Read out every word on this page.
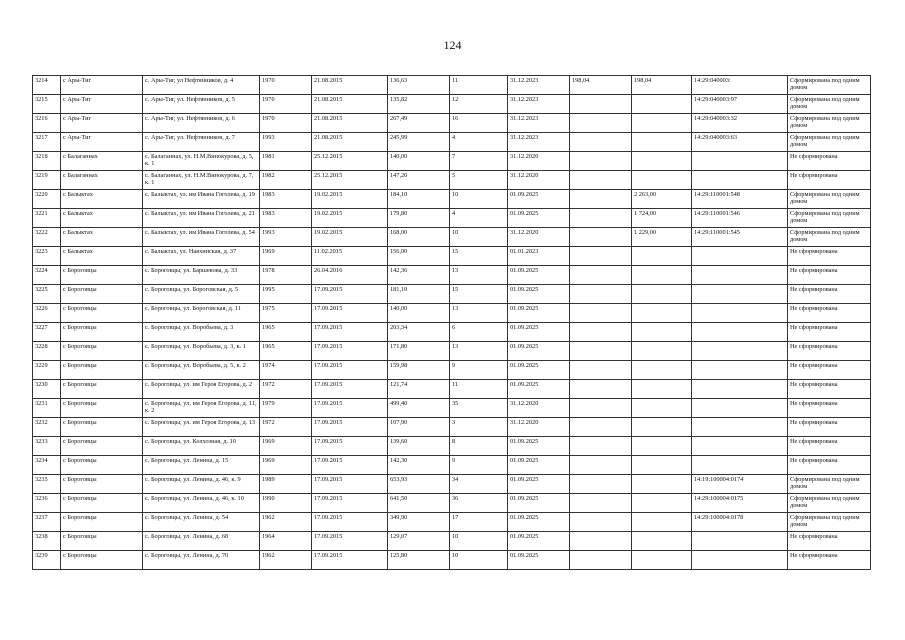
124
3214	с Ары-Тиг	с. Ары-Тиг, ул Нефтянников, д. 4	1970	21.08.2015	136,63	11	31.12.2023	198,04	198,04	14:29:040003:	Сформирована под одним домом
3215	с Ары-Тиг	с. Ары-Тиг, ул. Нефтянников, д. 5	1970	21.08.2015	135,82	12	31.12.2023			14:29:040003:97	Сформирована под одним домом
3216	с Ары-Тиг	с. Ары-Тиг, ул. Нефтянников, д. 6	1970	21.08.2015	267,49	16	31.12.2023			14:29:040003:32	Сформирована под одним домом
3217	с Ары-Тиг	с. Ары-Тиг, ул. Нефтянников, д. 7	1993	21.08.2015	245,99	4	31.12.2023			14:29:040003:63	Сформирована под одним домом
3218	с Балаганнах	с. Балаганнах, ул. Н.М.Винокурова, д. 5, к. 1	1981	25.12.2015	140,00	7	31.12.2020				Не сформирована
3219	с Балаганнах	с. Балаганнах, ул. Н.М.Винокурова, д. 7, к. 1	1982	25.12.2015	147,20	5	31.12.2020				Не сформирована
3220	с Балыктах	с. Балыктах, ул. им Ивана Гоголева, д. 19	1983	19.02.2015	184,10	10	01.09.2025		2 263,00	14:29:110001:548	Сформирована под одним домом
3221	с Балыктах	с. Балыктах, ул. им Ивана Гоголева, д. 21	1983	19.02.2015	179,80	4	01.09.2025		1 724,00	14:29:110001:546	Сформирована под одним домом
3222	с Балыктах	с. Балыктах, ул. им Ивана Гоголева, д. 54	1993	19.02.2015	168,00	10	31.12.2020		1 229,00	14:29:110001:545	Сформирована под одним домом
3223	с Балыктах	с. Балыктах, ул. Наяхинская, д. 37	1969	11.02.2015	156,00	15	01.01.2023				Не сформирована
3224	с Бороговцы	с. Бороговцы, ул. Баршевова, д. 33	1978	26.04.2016	142,36	13	01.09.2025				Не сформирована
3225	с Бороговцы	с. Бороговцы, ул. Бороговская, д. 5	1995	17.09.2015	181,10	15	01.09.2025				Не сформирована
3226	с Бороговцы	с. Бороговцы, ул. Бороговская, д. 11	1975	17.09.2015	140,00	13	01.09.2025				Не сформирована
3227	с Бороговцы	с. Бороговцы, ул. Воробьева, д. 3	1965	17.09.2015	203,34	6	01.09.2025				Не сформирована
3228	с Бороговцы	с. Бороговцы, ул. Воробьева, д. 3, к. 1	1965	17.09.2015	171,80	13	01.09.2025				Не сформирована
3229	с Бороговцы	с. Бороговцы, ул. Воробьева, д. 5, к. 2	1974	17.09.2015	159,98	9	01.09.2025				Не сформирована
3230	с Бороговцы	с. Бороговцы, ул. им Героя Егорова, д. 2	1972	17.09.2015	121,74	11	01.09.2025				Не сформирована
3231	с Бороговцы	с. Бороговцы, ул. им Героя Егорова, д. 11, к. 2	1979	17.09.2015	499,40	35	31.12.2020				Не сформирована
3232	с Бороговцы	с. Бороговцы, ул. им Героя Егорова, д. 13	1972	17.09.2015	107,90	3	31.12.2020				Не сформирована
3233	с Бороговцы	с. Бороговцы, ул. Колхозная, д. 10	1969	17.09.2015	139,60	8	01.09.2025				Не сформирована
3234	с Бороговцы	с. Бороговцы, ул. Ленина, д. 15	1969	17.09.2015	142,30	9	01.09.2025				Не сформирована
3235	с Бороговцы	с. Бороговцы, ул. Ленина, д. 46, к. 9	1989	17.09.2015	653,93	34	01.09.2025			14:19:100004:0174	Сформирована под одним домом
3236	с Бороговцы	с. Бороговцы, ул. Ленина, д. 46, к. 10	1990	17.09.2015	641,50	36	01.09.2025			14:29:100004:0175	Сформирована под одним домом
3237	с Бороговцы	с. Бороговцы, ул. Ленина, д. 54	1962	17.09.2015	349,90	17	01.09.2025			14:29:100004:0178	Сформирована под одним домом
3238	с Бороговцы	с. Бороговцы, ул. Ленина, д. 68	1964	17.09.2015	129,07	10	01.09.2025				Не сформирована
3239	с Бороговцы	с. Бороговцы, ул. Ленина, д. 70	1962	17.09.2015	125,80	10	01.09.2025				Не сформирована
